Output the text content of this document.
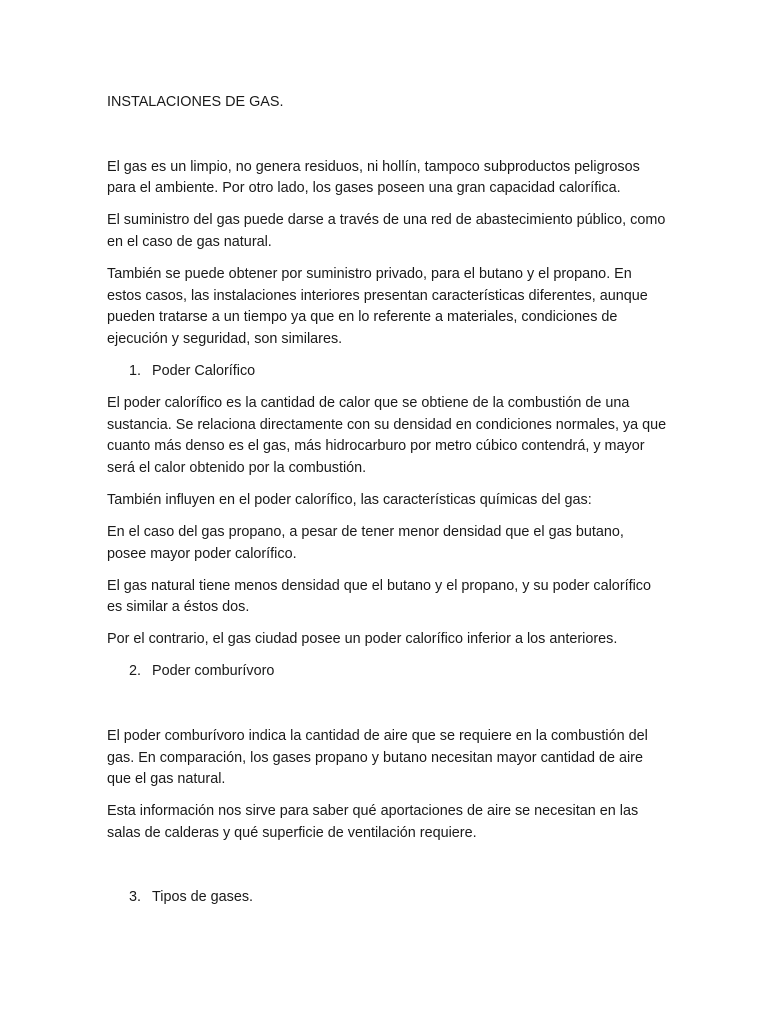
INSTALACIONES DE GAS.

El gas es un limpio, no genera residuos, ni hollín, tampoco subproductos peligrosos para el ambiente. Por otro lado, los gases poseen una gran capacidad calorífica.

El suministro del gas puede darse a través de una red de abastecimiento público, como en el caso de gas natural.

También se puede obtener por suministro privado, para el butano y el propano. En estos casos, las instalaciones interiores presentan características diferentes, aunque pueden tratarse a un tiempo ya que en lo referente a materiales, condiciones de ejecución y seguridad, son similares.

1. Poder Calorífico

El poder calorífico es la cantidad de calor que se obtiene de la combustión de una sustancia. Se relaciona directamente con su densidad en condiciones normales, ya que cuanto más denso es el gas, más hidrocarburo por metro cúbico contendrá, y mayor será el calor obtenido por la combustión.

También influyen en el poder calorífico, las características químicas del gas:

En el caso del gas propano, a pesar de tener menor densidad que el gas butano, posee mayor poder calorífico.

El gas natural tiene menos densidad que el butano y el propano, y su poder calorífico es similar a éstos dos.

Por el contrario, el gas ciudad posee un poder calorífico inferior a los anteriores.

2. Poder comburívoro

El poder comburívoro indica la cantidad de aire que se requiere en la combustión del gas. En comparación, los gases propano y butano necesitan mayor cantidad de aire que el gas natural.

Esta información nos sirve para saber qué aportaciones de aire se necesitan en las salas de calderas y qué superficie de ventilación requiere.

3. Tipos de gases.
